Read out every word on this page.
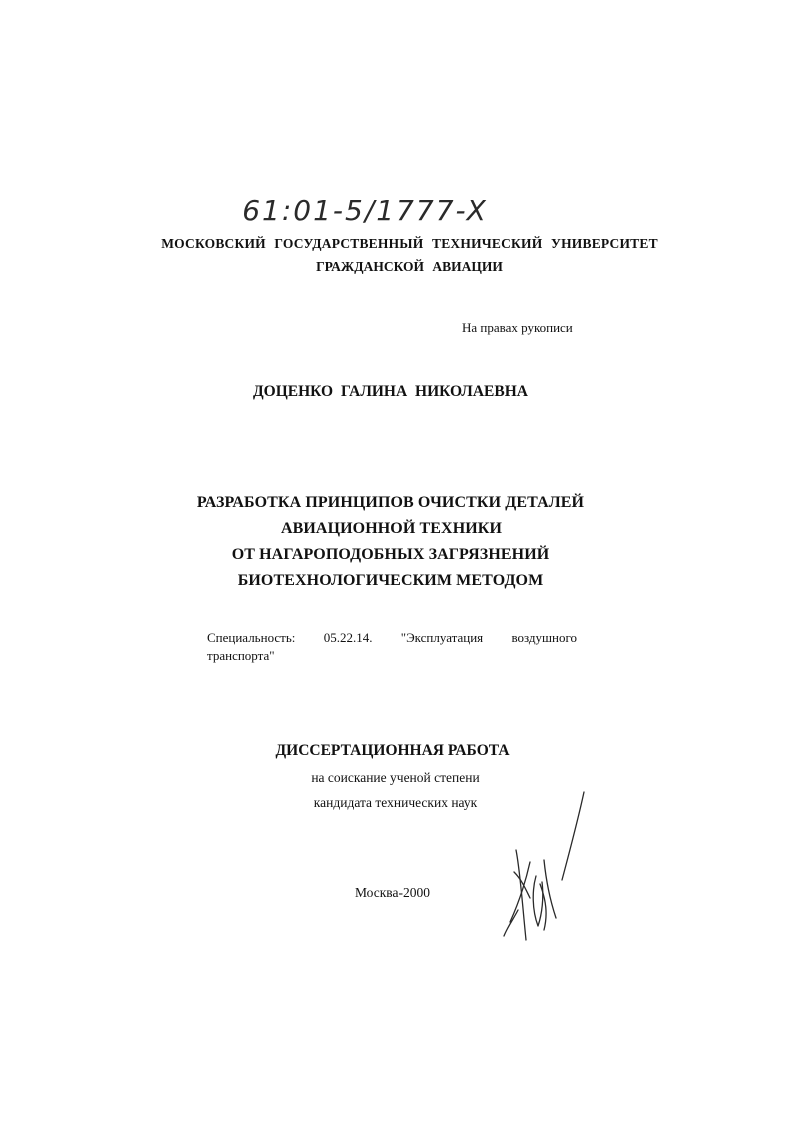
61:01-5/1777-X
МОСКОВСКИЙ ГОСУДАРСТВЕННЫЙ ТЕХНИЧЕСКИЙ УНИВЕРСИТЕТ
ГРАЖДАНСКОЙ АВИАЦИИ
На правах рукописи
ДОЦЕНКО ГАЛИНА НИКОЛАЕВНА
РАЗРАБОТКА ПРИНЦИПОВ ОЧИСТКИ ДЕТАЛЕЙ
АВИАЦИОННОЙ ТЕХНИКИ
ОТ НАГАРОПОДОБНЫХ ЗАГРЯЗНЕНИЙ
БИОТЕХНОЛОГИЧЕСКИМ МЕТОДОМ
Специальность: 05.22.14. "Эксплуатация воздушного
транспорта"
ДИССЕРТАЦИОННАЯ РАБОТА
на соискание ученой степени
кандидата технических наук
Москва-2000
